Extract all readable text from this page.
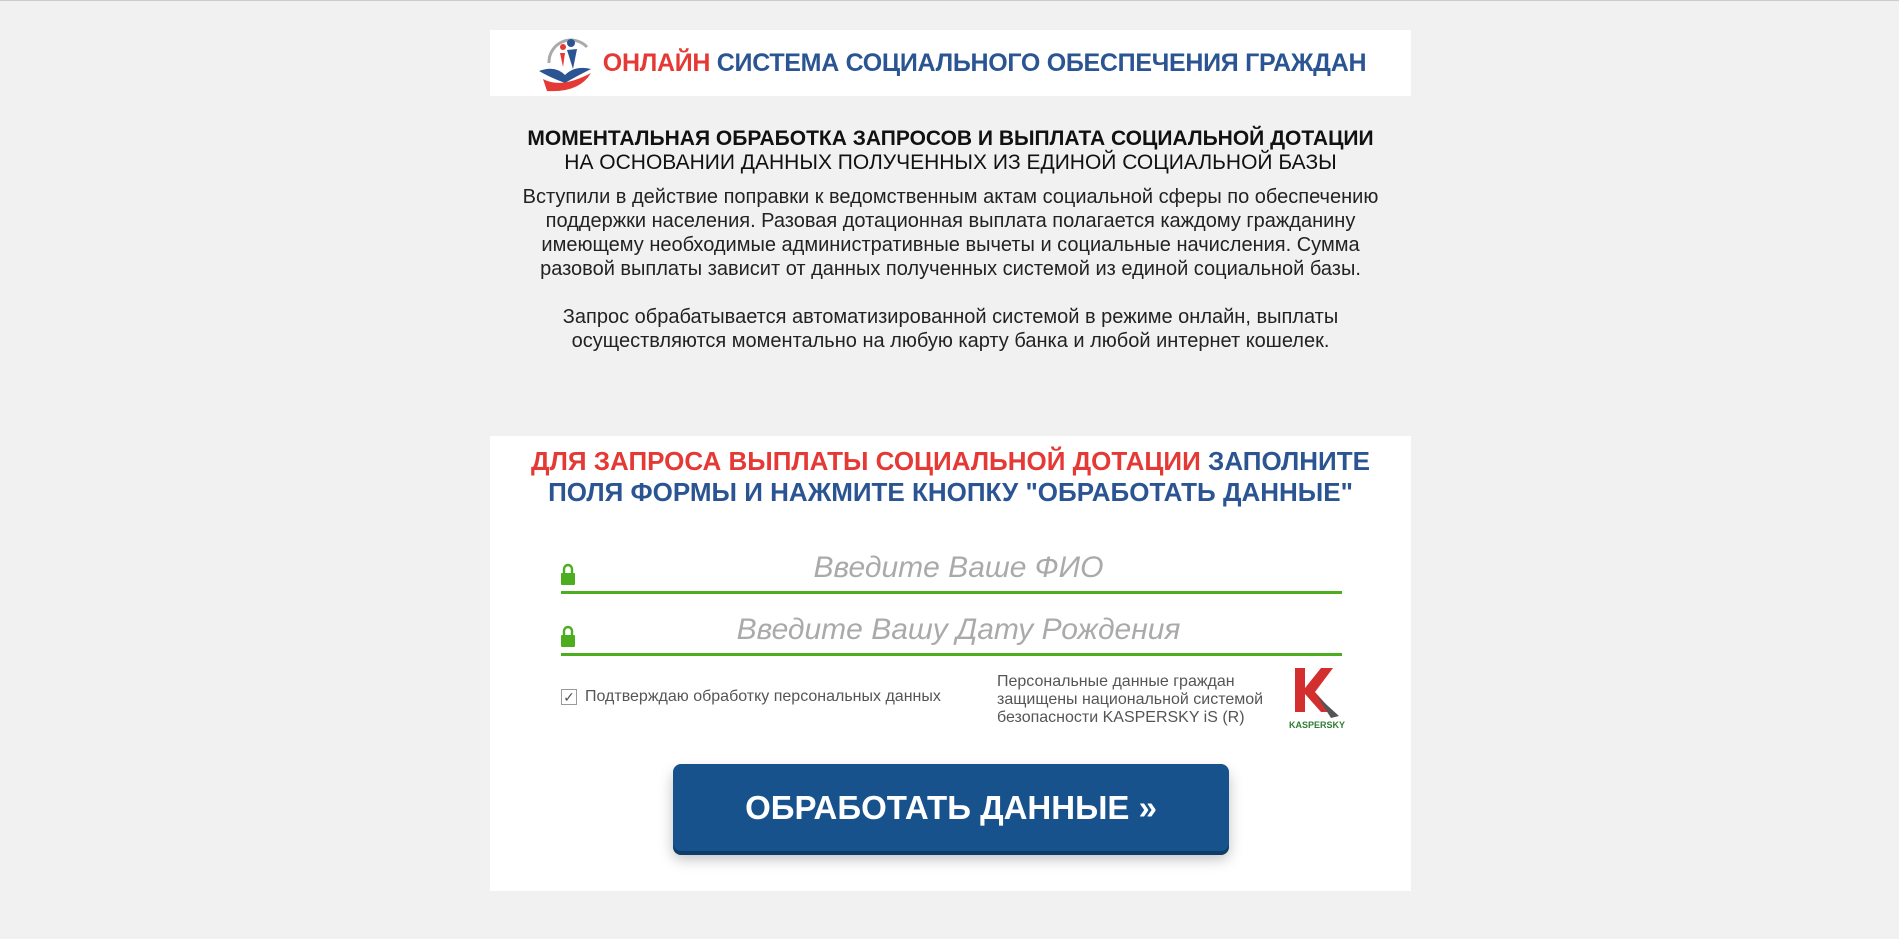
ОНЛАЙН СИСТЕМА СОЦИАЛЬНОГО ОБЕСПЕЧЕНИЯ ГРАЖДАН
МОМЕНТАЛЬНАЯ ОБРАБОТКА ЗАПРОСОВ И ВЫПЛАТА СОЦИАЛЬНОЙ ДОТАЦИИ
НА ОСНОВАНИИ ДАННЫХ ПОЛУЧЕННЫХ ИЗ ЕДИНОЙ СОЦИАЛЬНОЙ БАЗЫ

Вступили в действие поправки к ведомственным актам социальной сферы по обеспечению поддержки населения. Разовая дотационная выплата полагается каждому гражданину имеющему необходимые административные вычеты и социальные начисления. Сумма разовой выплаты зависит от данных полученных системой из единой социальной базы.

Запрос обрабатывается автоматизированной системой в режиме онлайн, выплаты осуществляются моментально на любую карту банка и любой интернет кошелек.

ДЛЯ ЗАПРОСА ВЫПЛАТЫ СОЦИАЛЬНОЙ ДОТАЦИИ ЗАПОЛНИТЕ ПОЛЯ ФОРМЫ И НАЖМИТЕ КНОПКУ "ОБРАБОТАТЬ ДАННЫЕ"
Введите Ваше ФИО
Введите Вашу Дату Рождения
✓ Подтверждаю обработку персональных данных
Персональные данные граждан защищены национальной системой безопасности KASPERSKY iS (R)	KASPERSKY
ОБРАБОТАТЬ ДАННЫЕ »
